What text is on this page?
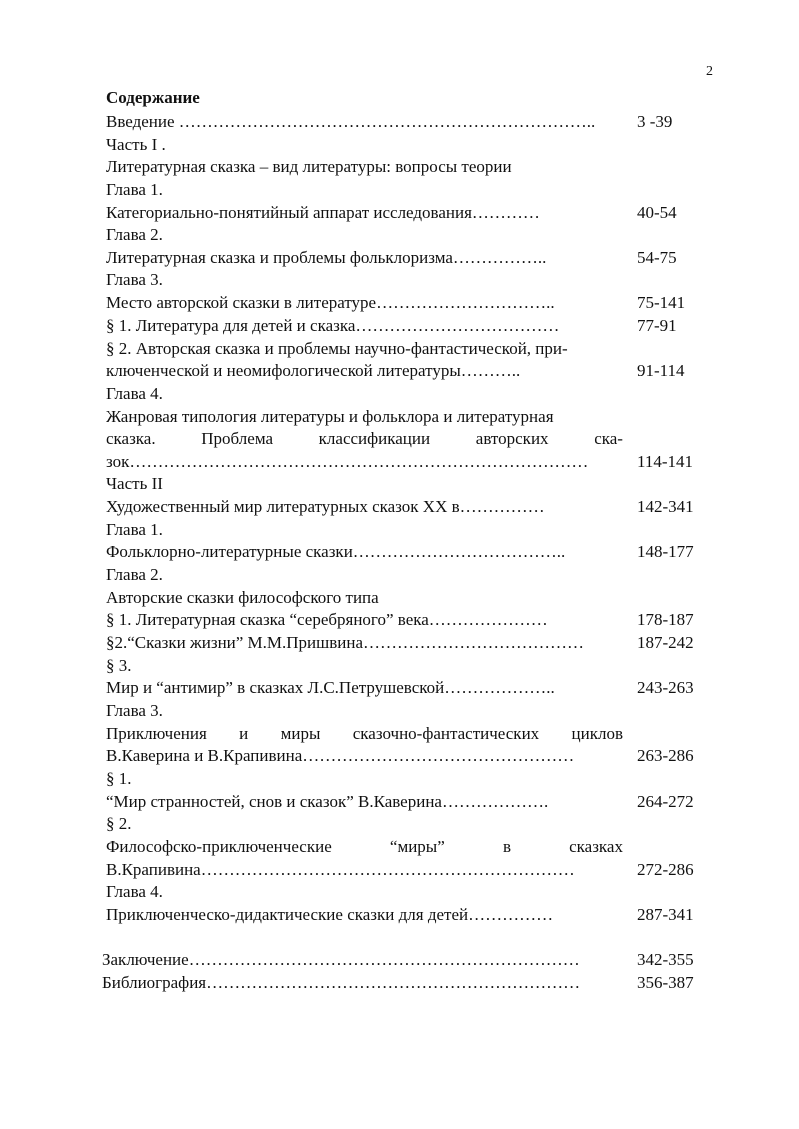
2
Содержание
Введение ……………………………………………………………….. 3 -39
Часть I .
Литературная сказка – вид литературы: вопросы теории
Глава 1.
Категориально-понятийный аппарат исследования…………	40-54
Глава 2.
Литературная сказка и проблемы фольклоризма……………..	54-75
Глава 3.
Место авторской сказки в литературе…………………………..	75-141
§ 1. Литература для детей и сказка………………………………	77-91
§ 2. Авторская сказка и проблемы научно-фантастической, при-
ключенческой и неомифологической литературы………..	91-114
Глава 4.
Жанровая типология литературы и фольклора и литературная
сказка.	Проблема	классификации	авторских	ска-
зок………………………………………………………………………	114-141
Часть II
Художественный мир литературных сказок XX в……………	142-341
Глава 1.
Фольклорно-литературные сказки………………………………..	148-177
Глава 2.
Авторские сказки философского типа
§ 1. Литературная сказка “серебряного” века…………………	178-187
§2.“Сказки жизни” М.М.Пришвина…………………………………	187-242
§ 3.
Мир и “антимир” в сказках Л.С.Петрушевской………………..	243-263
Глава 3.
Приключения и миры сказочно-фантастических циклов
В.Каверина и В.Крапивина…………………………………………	263-286
§ 1.
“Мир странностей, снов и сказок” В.Каверина……………….	264-272
§ 2.
Философско-приключенческие	“миры”	в	сказках
В.Крапивина…………………………………………………………	272-286
Глава 4.
Приключенческо-дидактические сказки для детей……………	287-341
Заключение……………………………………………………………	342-355
Библиография…………………………………………………………	356-387
